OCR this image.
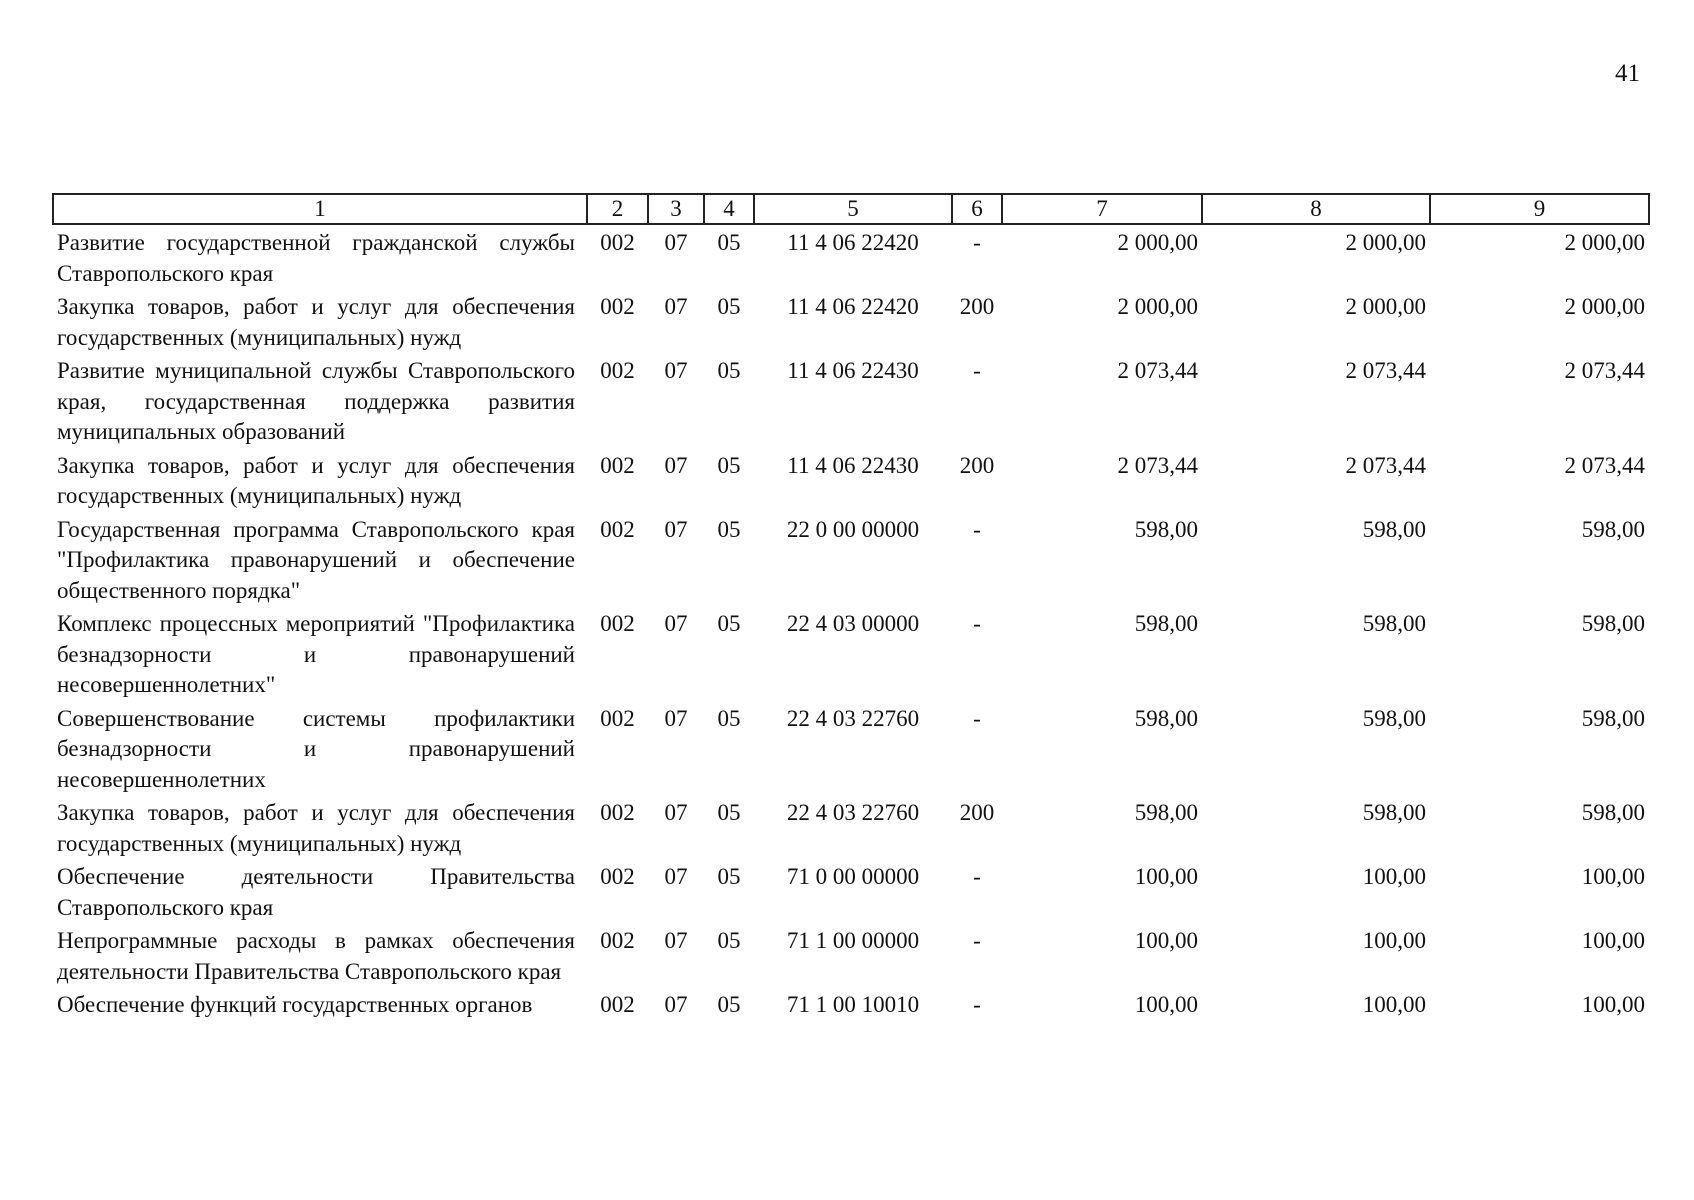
41
1	2	3	4	5	6	7	8	9
Развитие государственной гражданской службы Ставропольского края	002	07	05	11 4 06 22420	-	2 000,00	2 000,00	2 000,00
Закупка товаров, работ и услуг для обеспечения государственных (муниципальных) нужд	002	07	05	11 4 06 22420	200	2 000,00	2 000,00	2 000,00
Развитие муниципальной службы Ставропольского края, государственная поддержка развития муниципальных образований	002	07	05	11 4 06 22430	-	2 073,44	2 073,44	2 073,44
Закупка товаров, работ и услуг для обеспечения государственных (муниципальных) нужд	002	07	05	11 4 06 22430	200	2 073,44	2 073,44	2 073,44
Государственная программа Ставропольского края "Профилактика правонарушений и обеспечение общественного порядка"	002	07	05	22 0 00 00000	-	598,00	598,00	598,00
Комплекс процессных мероприятий "Профилактика безнадзорности и правонарушений несовершеннолетних"	002	07	05	22 4 03 00000	-	598,00	598,00	598,00
Совершенствование системы профилактики безнадзорности и правонарушений несовершеннолетних	002	07	05	22 4 03 22760	-	598,00	598,00	598,00
Закупка товаров, работ и услуг для обеспечения государственных (муниципальных) нужд	002	07	05	22 4 03 22760	200	598,00	598,00	598,00
Обеспечение деятельности Правительства Ставропольского края	002	07	05	71 0 00 00000	-	100,00	100,00	100,00
Непрограммные расходы в рамках обеспечения деятельности Правительства Ставропольского края	002	07	05	71 1 00 00000	-	100,00	100,00	100,00
Обеспечение функций государственных органов	002	07	05	71 1 00 10010	-	100,00	100,00	100,00
